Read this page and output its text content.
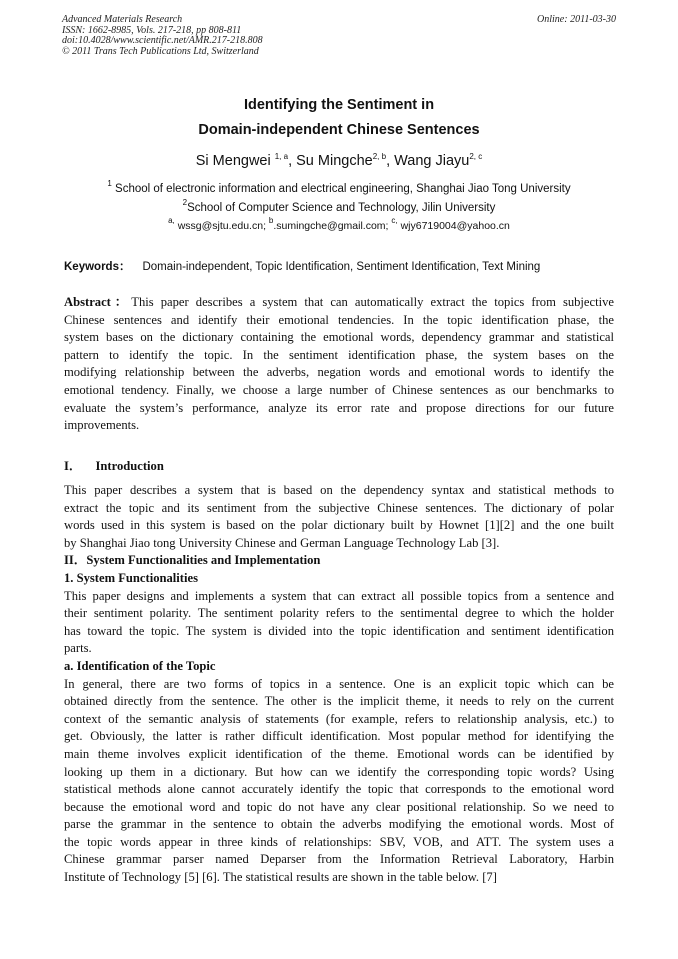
Advanced Materials Research
ISSN: 1662-8985, Vols. 217-218, pp 808-811
doi:10.4028/www.scientific.net/AMR.217-218.808
© 2011 Trans Tech Publications Ltd, Switzerland
Online: 2011-03-30
Identifying the Sentiment in
Domain-independent Chinese Sentences
Si Mengwei $^{1, a}$, Su Mingche$^{2, b}$, Wang Jiayu$^{2, c}$
$^1$ School of electronic information and electrical engineering, Shanghai Jiao Tong University
$^2$School of Computer Science and Technology, Jilin University
$^{a,}$ wssg@sjtu.edu.cn; $^b$.sumingche@gmail.com; $^{c,}$ wjy6719004@yahoo.cn
Keywords： Domain-independent, Topic Identification, Sentiment Identification, Text Mining
Abstract：This paper describes a system that can automatically extract the topics from subjective
Chinese sentences and identify their emotional tendencies. In the topic identification phase, the
system bases on the dictionary containing the emotional words, dependency grammar and statistical
pattern to identify the topic. In the sentiment identification phase, the system bases on the
modifying relationship between the adverbs, negation words and emotional words to identify the
emotional tendency. Finally, we choose a large number of Chinese sentences as our benchmarks to
evaluate the system’s performance, analyze its error rate and propose directions for our future
improvements.
I． Introduction
This paper describes a system that is based on the dependency syntax and statistical methods to
extract the topic and its sentiment from the subjective Chinese sentences. The dictionary of polar
words used in this system is based on the polar dictionary built by Hownet [1][2] and the one built
by Shanghai Jiao tong University Chinese and German Language Technology Lab [3].
II．System Functionalities and Implementation
1. System Functionalities
This paper designs and implements a system that can extract all possible topics from a sentence and
their sentiment polarity. The sentiment polarity refers to the sentimental degree to which the holder
has toward the topic. The system is divided into the topic identification and sentiment identification
parts.
a. Identification of the Topic
In general, there are two forms of topics in a sentence. One is an explicit topic which can be
obtained directly from the sentence. The other is the implicit theme, it needs to rely on the current
context of the semantic analysis of statements (for example, refers to relationship analysis, etc.) to
get. Obviously, the latter is rather difficult identification. Most popular method for identifying the
main theme involves explicit identification of the theme. Emotional words can be identified by
looking up them in a dictionary. But how can we identify the corresponding topic words? Using
statistical methods alone cannot accurately identify the topic that corresponds to the emotional word
because the emotional word and topic do not have any clear positional relationship. So we need to
parse the grammar in the sentence to obtain the adverbs modifying the emotional words. Most of
the topic words appear in three kinds of relationships: SBV, VOB, and ATT. The system uses a
Chinese grammar parser named Deparser from the Information Retrieval Laboratory, Harbin
Institute of Technology [5] [6]. The statistical results are shown in the table below. [7]
